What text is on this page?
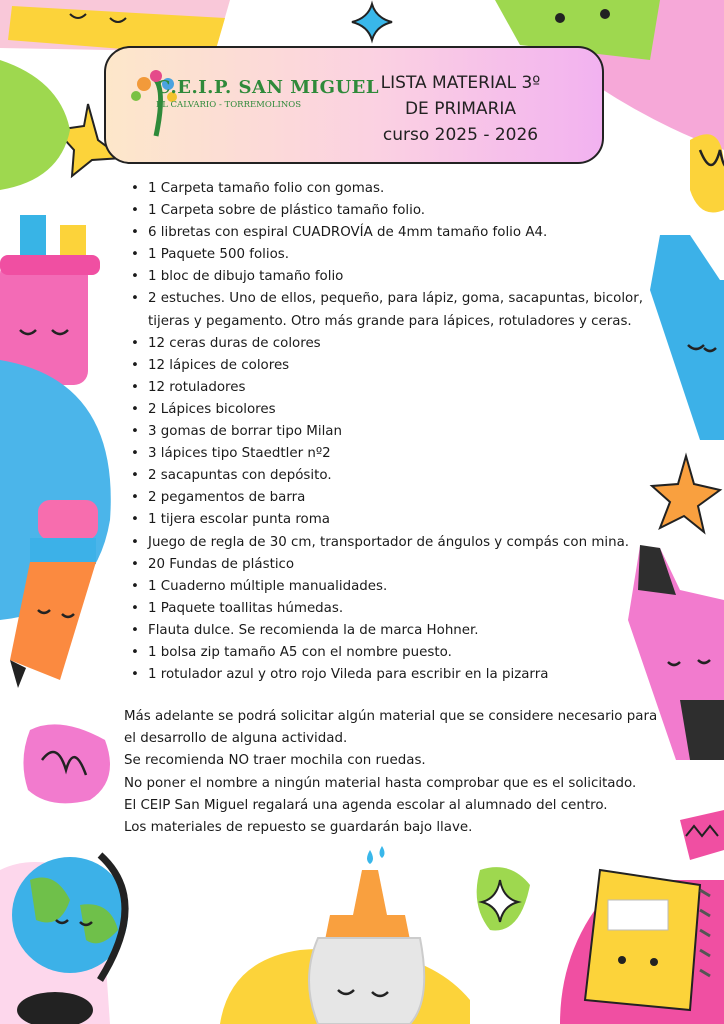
C.E.I.P. SAN MIGUEL
EL CALVARIO - TORREMOLINOS
LISTA MATERIAL 3º
DE PRIMARIA
curso 2025 - 2026
• 1 Carpeta tamaño folio con gomas.
• 1 Carpeta sobre de plástico tamaño folio.
• 6 libretas con espiral CUADROVÍA de 4mm tamaño folio A4.
• 1 Paquete 500 folios.
• 1 bloc de dibujo tamaño folio
• 2 estuches. Uno de ellos, pequeño, para lápiz, goma, sacapuntas, bicolor, tijeras y pegamento. Otro más grande para lápices, rotuladores y ceras.
• 12 ceras duras de colores
• 12 lápices de colores
• 12 rotuladores
• 2 Lápices bicolores
• 3 gomas de borrar tipo Milan
• 3 lápices tipo Staedtler nº2
• 2 sacapuntas con depósito.
• 2 pegamentos de barra
• 1 tijera escolar punta roma
• Juego de regla de 30 cm, transportador de ángulos y compás con mina.
• 20 Fundas de plástico
• 1 Cuaderno múltiple manualidades.
• 1 Paquete toallitas húmedas.
• Flauta dulce. Se recomienda la de marca Hohner.
• 1 bolsa zip tamaño A5 con el nombre puesto.
• 1 rotulador azul y otro rojo Vileda para escribir en la pizarra

Más adelante se podrá solicitar algún material que se considere necesario para el desarrollo de alguna actividad.

Se recomienda NO traer mochila con ruedas.

No poner el nombre a ningún material hasta comprobar que es el solicitado.

El CEIP San Miguel regalará una agenda escolar al alumnado del centro.

Los materiales de repuesto se guardarán bajo llave.
